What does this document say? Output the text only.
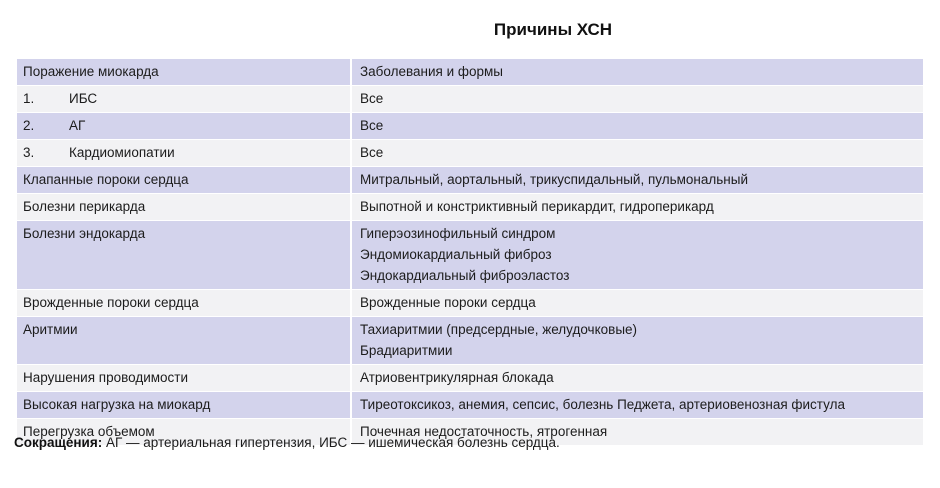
Причины ХСН
Поражение миокарда	Заболевания и формы
1.	ИБС	Все
2.	АГ	Все
3.	Кардиомиопатии	Все
Клапанные пороки сердца	Митральный, аортальный, трикуспидальный, пульмональный
Болезни перикарда	Выпотной и констриктивный перикардит, гидроперикард
Болезни эндокарда	Гиперэозинофильный синдром
Эндомиокардиальный фиброз
Эндокардиальный фиброэластоз
Врожденные пороки сердца	Врожденные пороки сердца
Аритмии	Тахиаритмии (предсердные, желудочковые)
Брадиаритмии
Нарушения проводимости	Атриовентрикулярная блокада
Высокая нагрузка на миокард	Тиреотоксикоз, анемия, сепсис, болезнь Педжета, артериовенозная фистула
Перегрузка объемом	Почечная недостаточность, ятрогенная
Сокращения: АГ — артериальная гипертензия, ИБС — ишемическая болезнь сердца.
